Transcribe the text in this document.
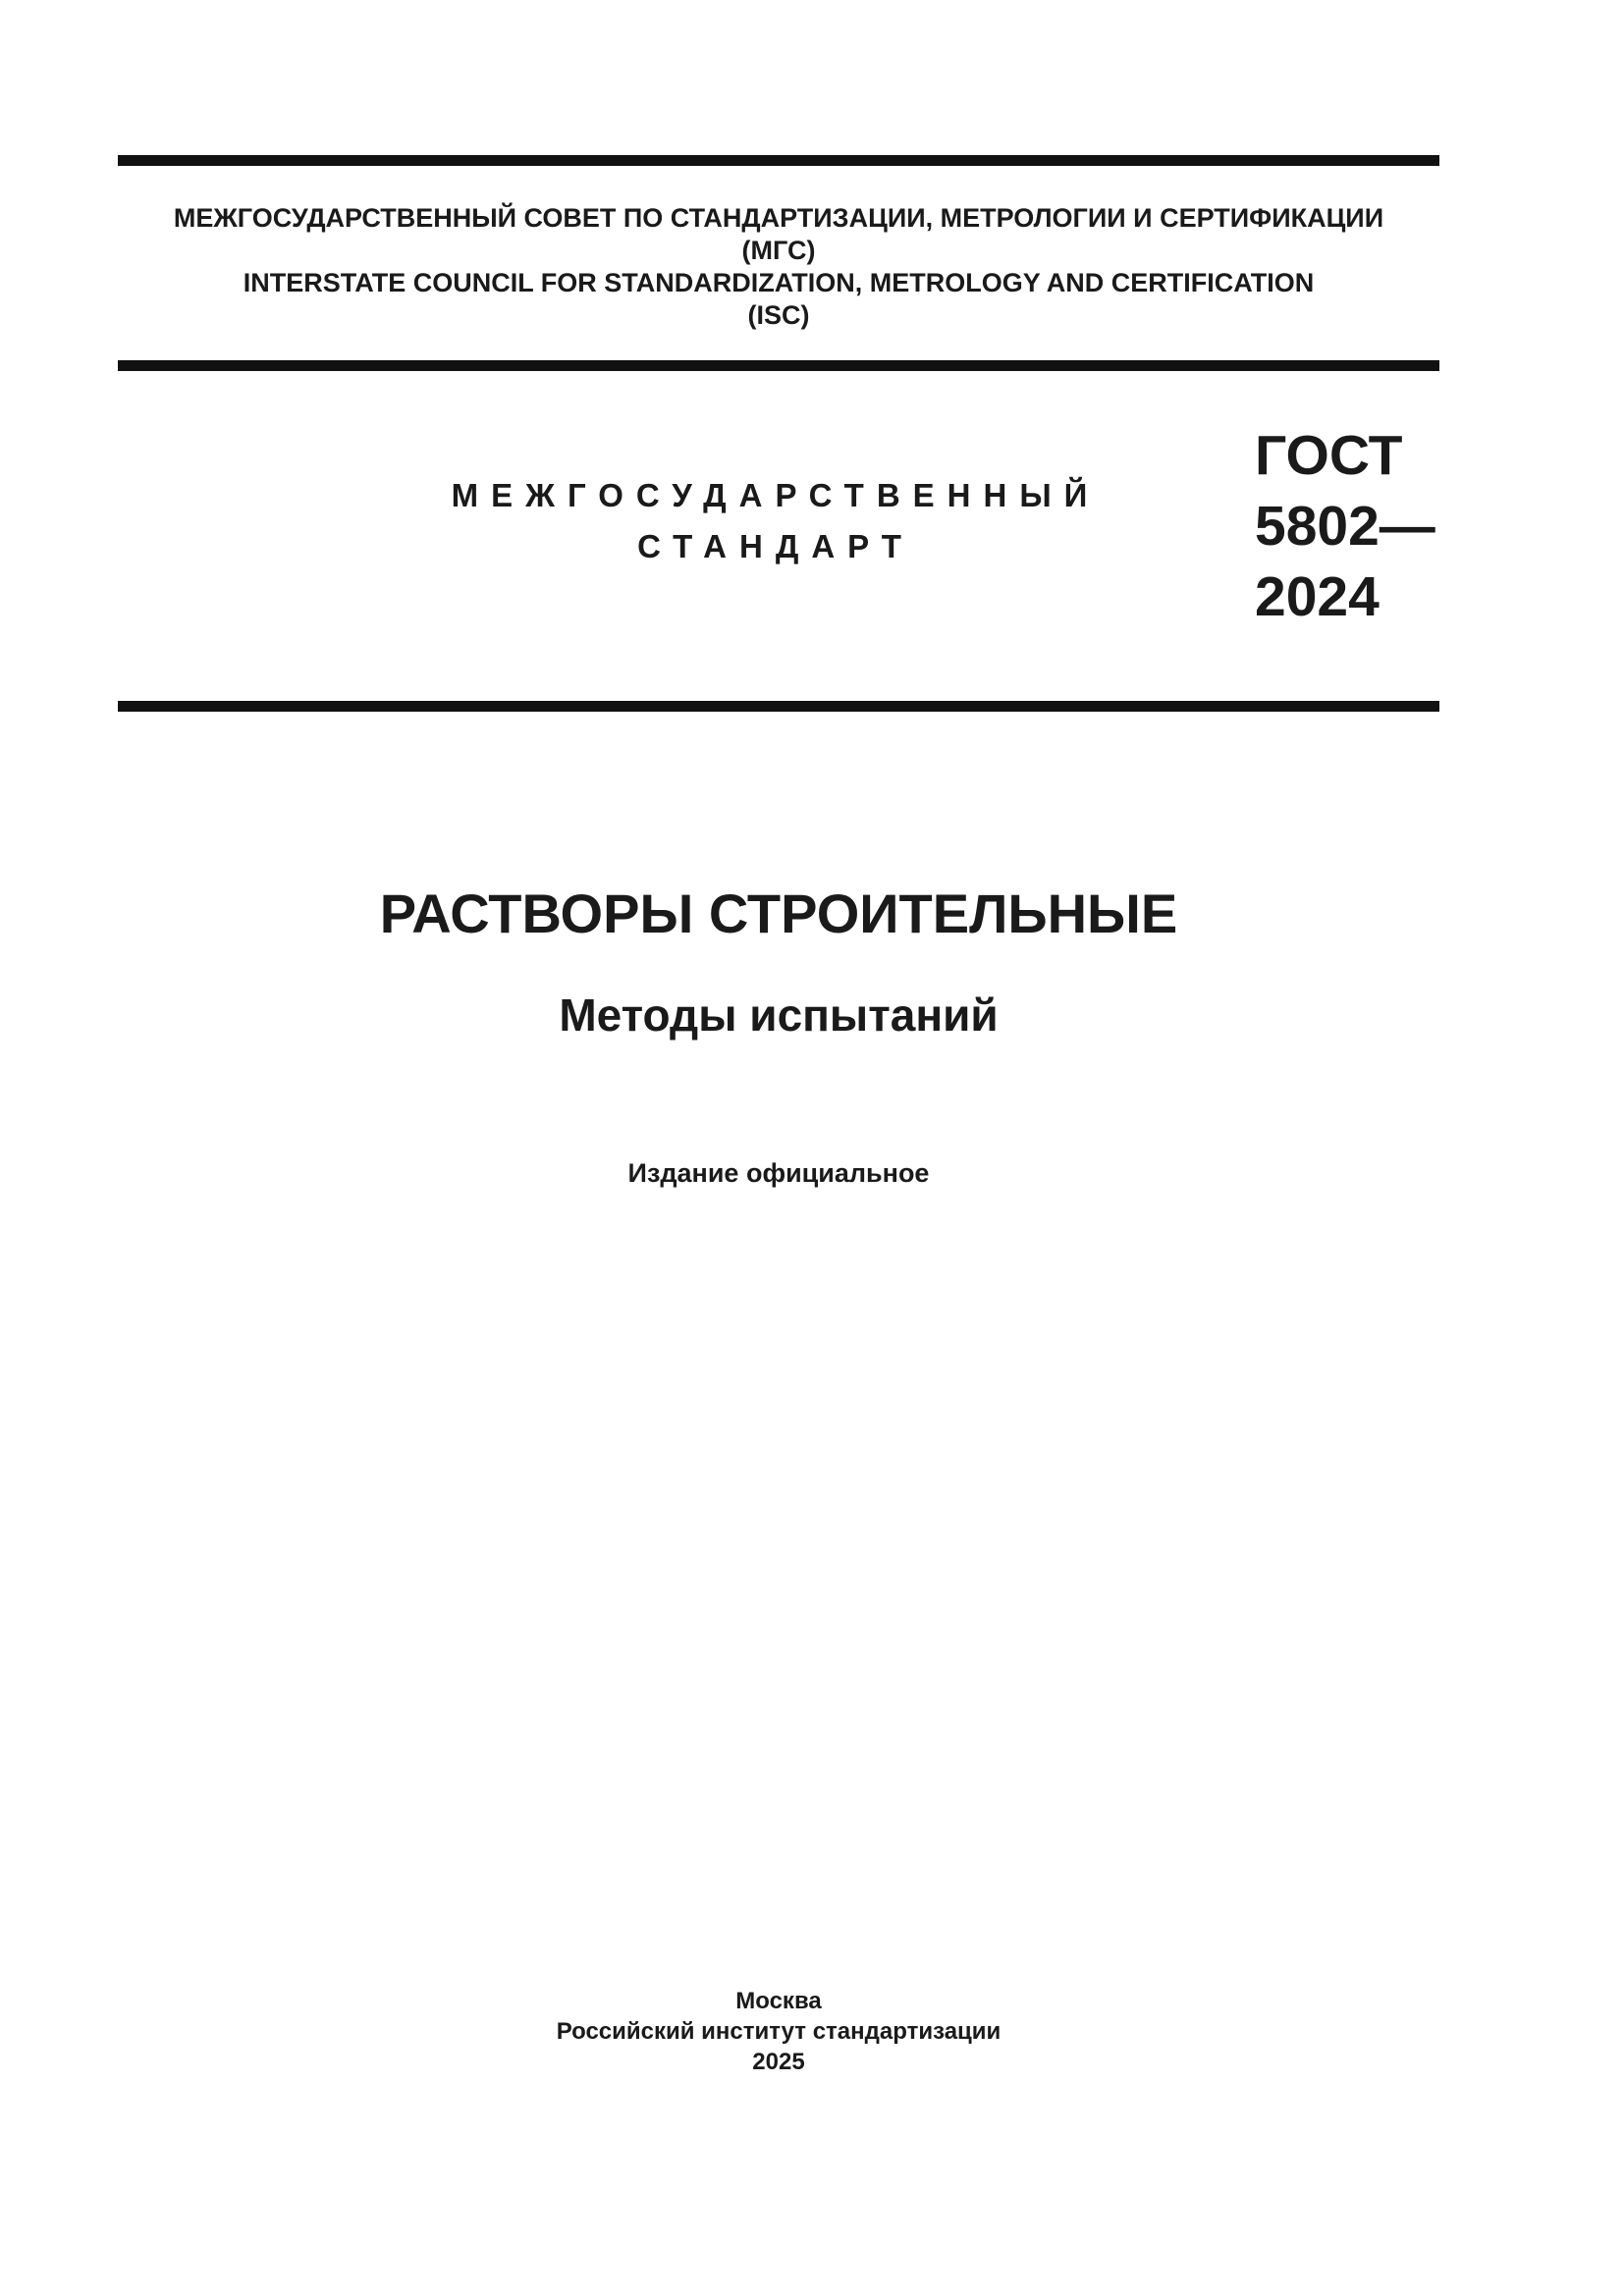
МЕЖГОСУДАРСТВЕННЫЙ СОВЕТ ПО СТАНДАРТИЗАЦИИ, МЕТРОЛОГИИ И СЕРТИФИКАЦИИ
(МГС)
INTERSTATE COUNCIL FOR STANDARDIZATION, METROLOGY AND CERTIFICATION
(ISC)
МЕЖГОСУДАРСТВЕННЫЙ
СТАНДАРТ
ГОСТ
5802—
2024
РАСТВОРЫ СТРОИТЕЛЬНЫЕ
Методы испытаний
Издание официальное
Москва
Российский институт стандартизации
2025
